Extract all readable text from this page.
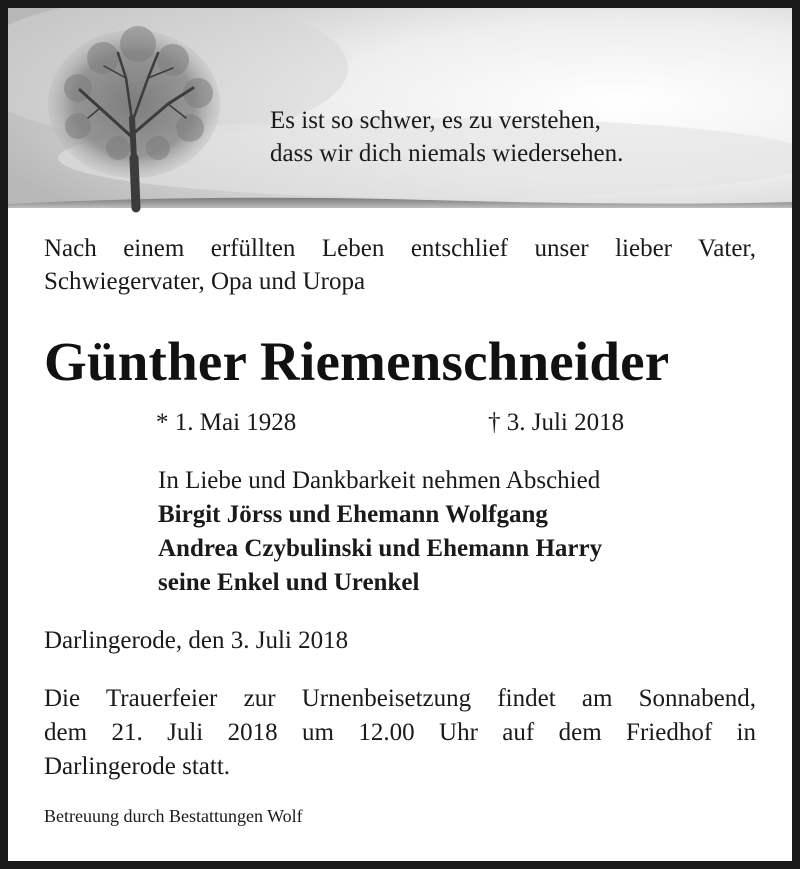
Es ist so schwer, es zu verstehen,
dass wir dich niemals wiedersehen.
Nach einem erfüllten Leben entschlief unser lieber Vater,
Schwiegervater, Opa und Uropa
Günther Riemenschneider
* 1. Mai 1928	† 3. Juli 2018
In Liebe und Dankbarkeit nehmen Abschied
Birgit Jörss und Ehemann Wolfgang
Andrea Czybulinski und Ehemann Harry
seine Enkel und Urenkel
Darlingerode, den 3. Juli 2018
Die Trauerfeier zur Urnenbeisetzung findet am Sonnabend,
dem 21. Juli 2018 um 12.00 Uhr auf dem Friedhof in
Darlingerode statt.
Betreuung durch Bestattungen Wolf
